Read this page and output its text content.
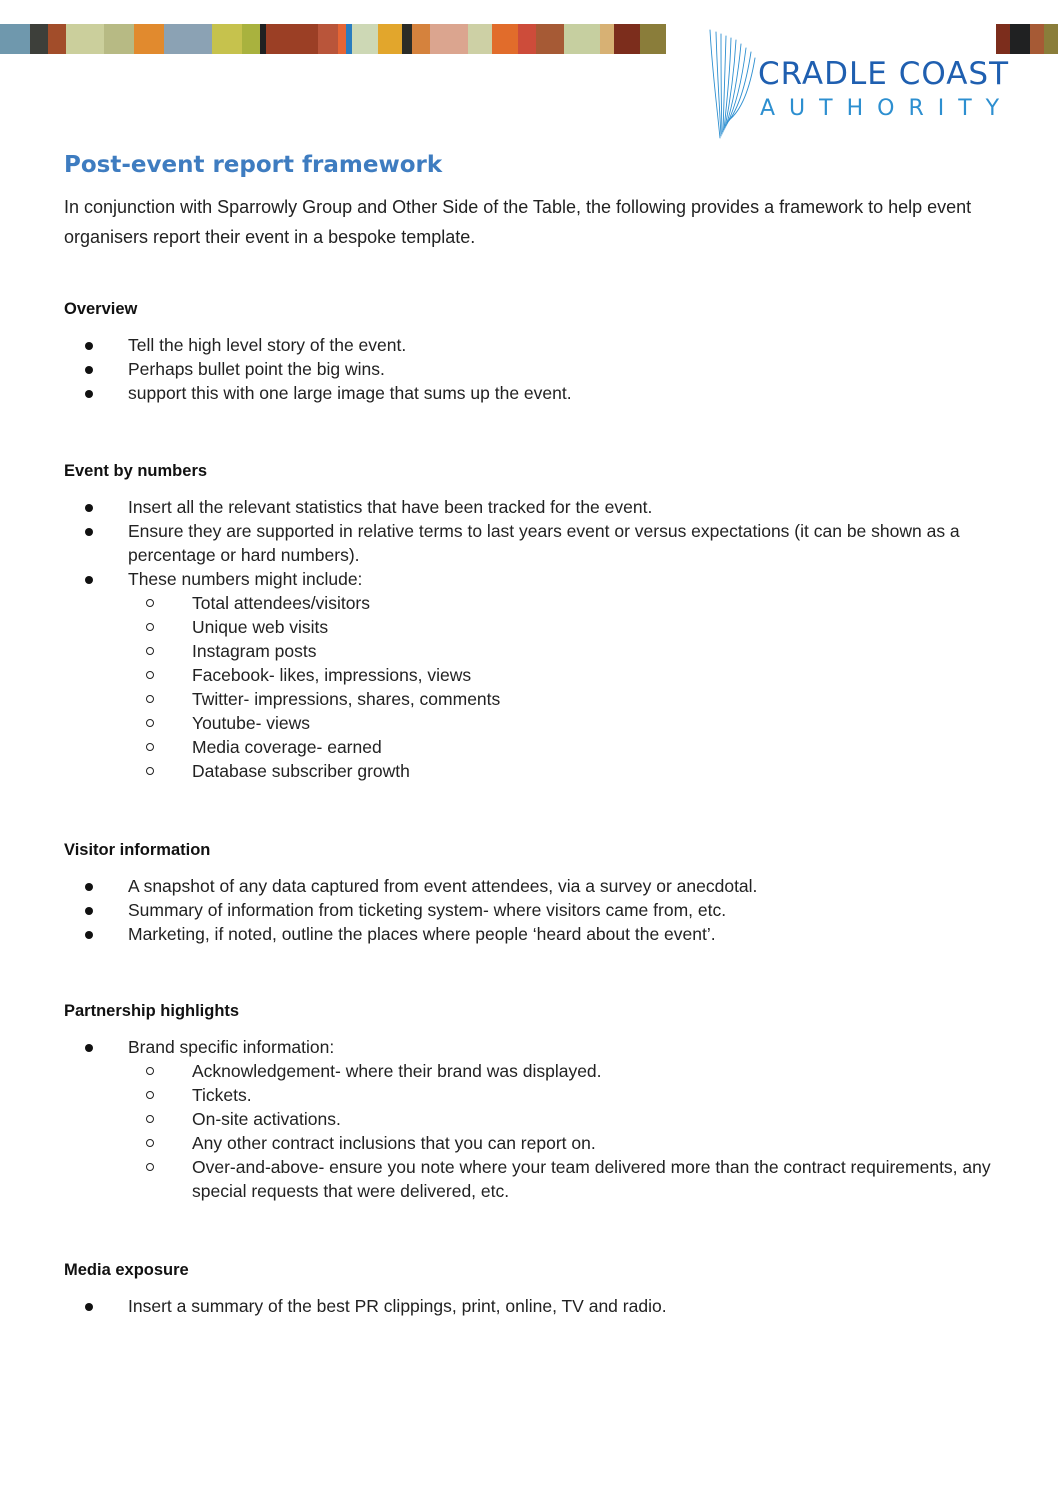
CRADLE COAST
AUTHORITY
Post-event report framework

In conjunction with Sparrowly Group and Other Side of the Table, the following provides a framework to help event organisers report their event in a bespoke template.

Overview
Tell the high level story of the event.
Perhaps bullet point the big wins.
support this with one large image that sums up the event.
Event by numbers
Insert all the relevant statistics that have been tracked for the event.
Ensure they are supported in relative terms to last years event or versus expectations (it can be shown as a percentage or hard numbers).
These numbers might include:
Total attendees/visitors
Unique web visits
Instagram posts
Facebook- likes, impressions, views
Twitter- impressions, shares, comments
Youtube- views
Media coverage- earned
Database subscriber growth
Visitor information
A snapshot of any data captured from event attendees, via a survey or anecdotal.
Summary of information from ticketing system- where visitors came from, etc.
Marketing, if noted, outline the places where people ‘heard about the event’.
Partnership highlights
Brand specific information:
Acknowledgement- where their brand was displayed.
Tickets.
On-site activations.
Any other contract inclusions that you can report on.
Over-and-above- ensure you note where your team delivered more than the contract requirements, any special requests that were delivered, etc.
Media exposure
Insert a summary of the best PR clippings, print, online, TV and radio.
